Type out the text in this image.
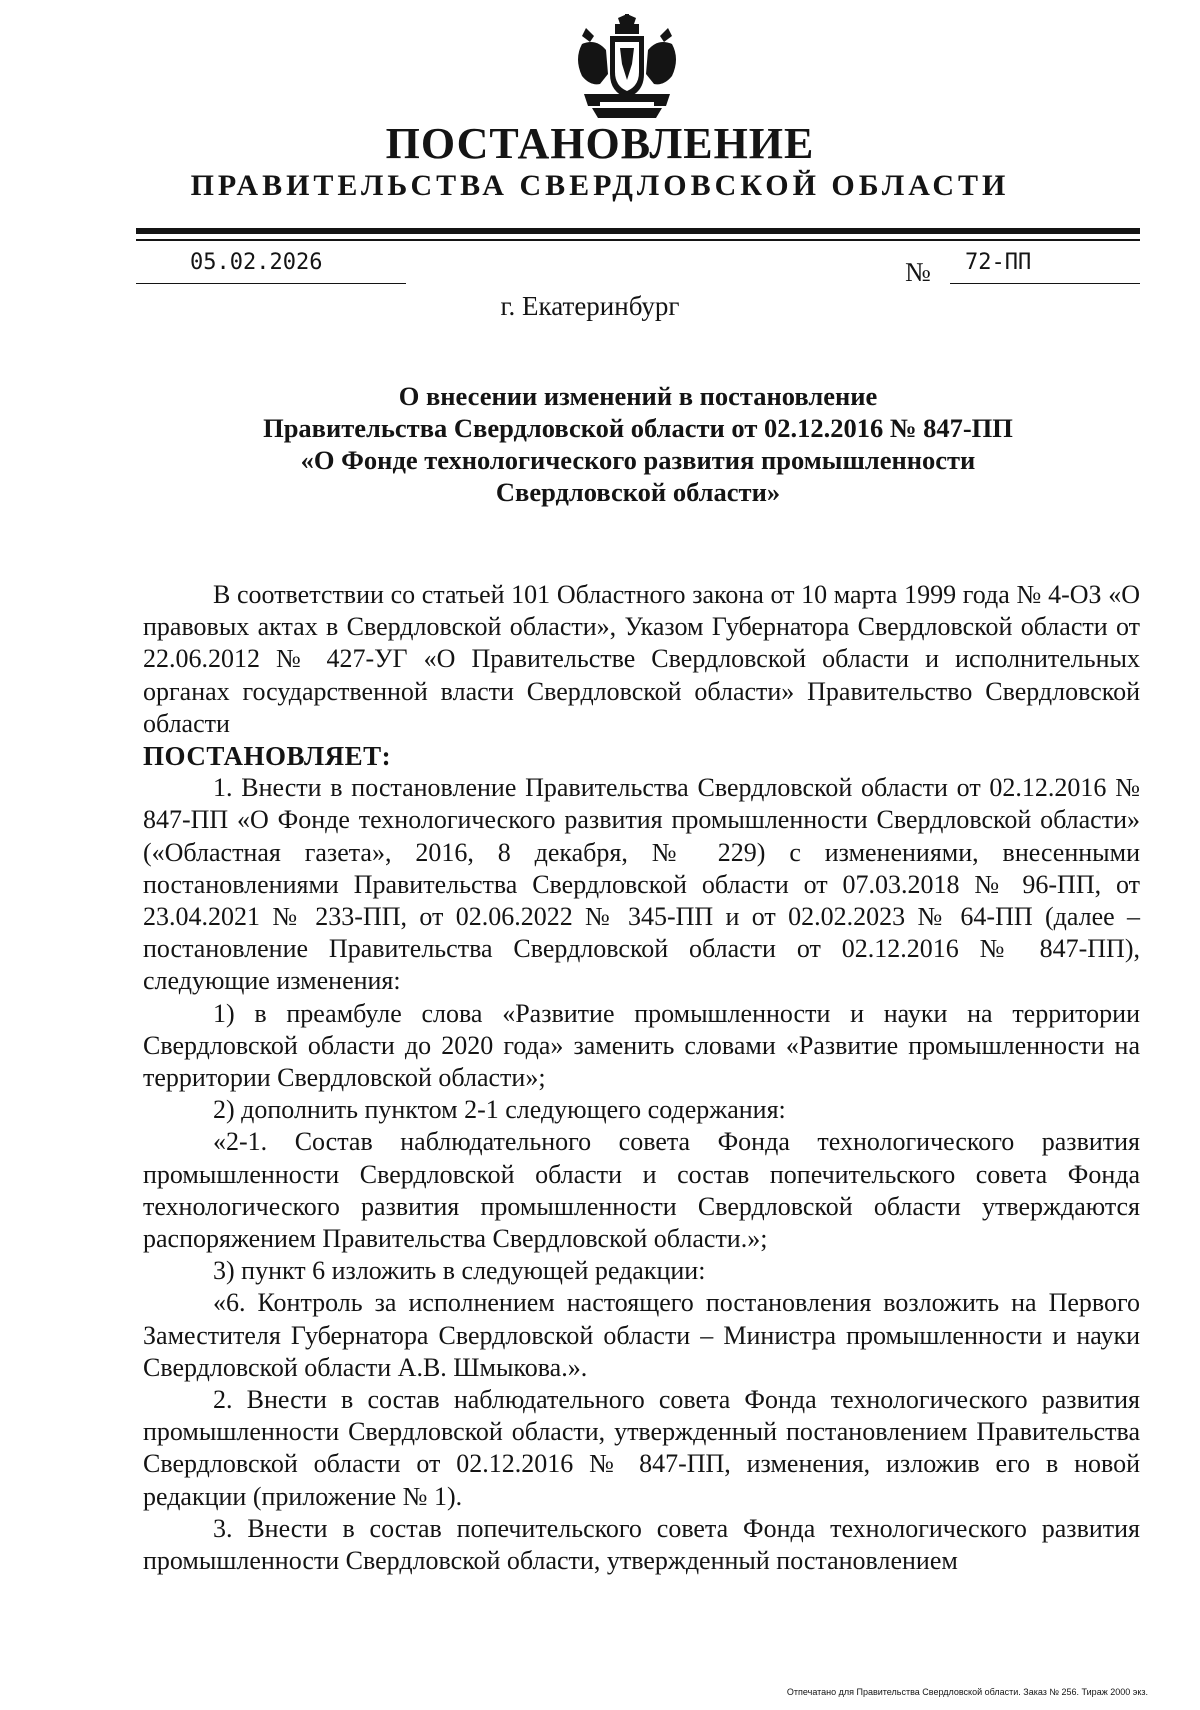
ПОСТАНОВЛЕНИЕ
ПРАВИТЕЛЬСТВА СВЕРДЛОВСКОЙ ОБЛАСТИ
05.02.2026	№ 72-ПП
г. Екатеринбург
О внесении изменений в постановление
Правительства Свердловской области от 02.12.2016 № 847-ПП
«О Фонде технологического развития промышленности
Свердловской области»

В соответствии со статьей 101 Областного закона от 10 марта 1999 года № 4-ОЗ «О правовых актах в Свердловской области», Указом Губернатора Свердловской области от 22.06.2012 № 427-УГ «О Правительстве Свердловской области и исполнительных органах государственной власти Свердловской области» Правительство Свердловской области

ПОСТАНОВЛЯЕТ:

1. Внести в постановление Правительства Свердловской области от 02.12.2016 № 847-ПП «О Фонде технологического развития промышленности Свердловской области» («Областная газета», 2016, 8 декабря, № 229) с изменениями, внесенными постановлениями Правительства Свердловской области от 07.03.2018 № 96-ПП, от 23.04.2021 № 233-ПП, от 02.06.2022 № 345-ПП и от 02.02.2023 № 64-ПП (далее – постановление Правительства Свердловской области от 02.12.2016 № 847-ПП), следующие изменения:

1) в преамбуле слова «Развитие промышленности и науки на территории Свердловской области до 2020 года» заменить словами «Развитие промышленности на территории Свердловской области»;

2) дополнить пунктом 2-1 следующего содержания:

«2-1. Состав наблюдательного совета Фонда технологического развития промышленности Свердловской области и состав попечительского совета Фонда технологического развития промышленности Свердловской области утверждаются распоряжением Правительства Свердловской области.»;

3) пункт 6 изложить в следующей редакции:

«6. Контроль за исполнением настоящего постановления возложить на Первого Заместителя Губернатора Свердловской области – Министра промышленности и науки Свердловской области А.В. Шмыкова.».

2. Внести в состав наблюдательного совета Фонда технологического развития промышленности Свердловской области, утвержденный постановлением Правительства Свердловской области от 02.12.2016 № 847-ПП, изменения, изложив его в новой редакции (приложение № 1).

3. Внести в состав попечительского совета Фонда технологического развития промышленности Свердловской области, утвержденный постановлением

Отпечатано для Правительства Свердловской области. Заказ № 256. Тираж 2000 экз.
